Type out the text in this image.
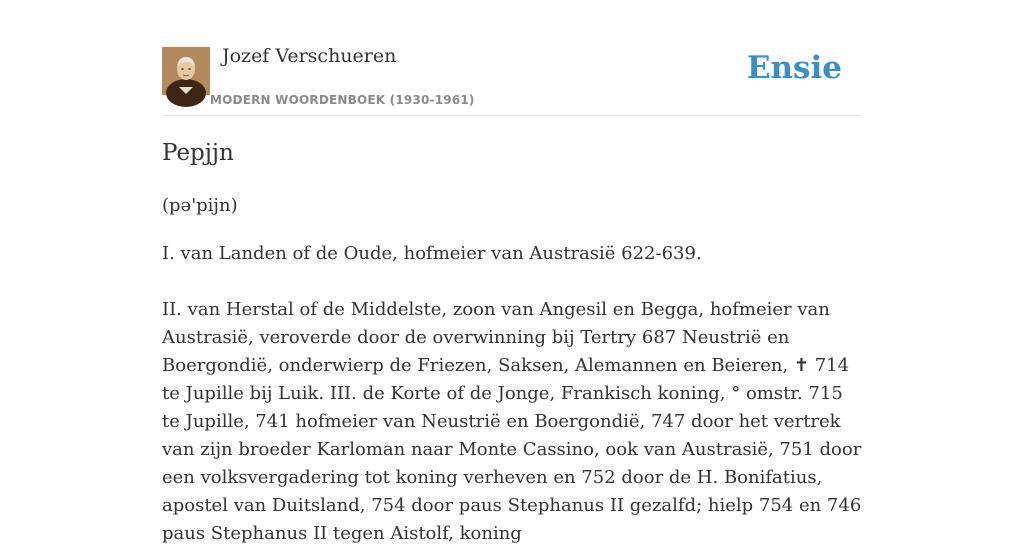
Jozef Verschueren
MODERN WOORDENBOEK (1930-1961)
Ensie
Pepjjn
(pə'pijn)

I. van Landen of de Oude, hofmeier van Austrasië 622-639.

II. van Herstal of de Middelste, zoon van Angesil en Begga, hofmeier van Austrasië, veroverde door de overwinning bij Tertry 687 Neustrië en Boergondië, onderwierp de Friezen, Saksen, Alemannen en Beieren, ✝ 714 te Jupille bij Luik. III. de Korte of de Jonge, Frankisch koning, ° omstr. 715 te Jupille, 741 hofmeier van Neustrië en Boergondië, 747 door het vertrek van zijn broeder Karloman naar Monte Cassino, ook van Austrasië, 751 door een volksvergadering tot koning verheven en 752 door de H. Bonifatius, apostel van Duitsland, 754 door paus Stephanus II gezalfd; hielp 754 en 746 paus Stephanus II tegen Aistolf, koning
